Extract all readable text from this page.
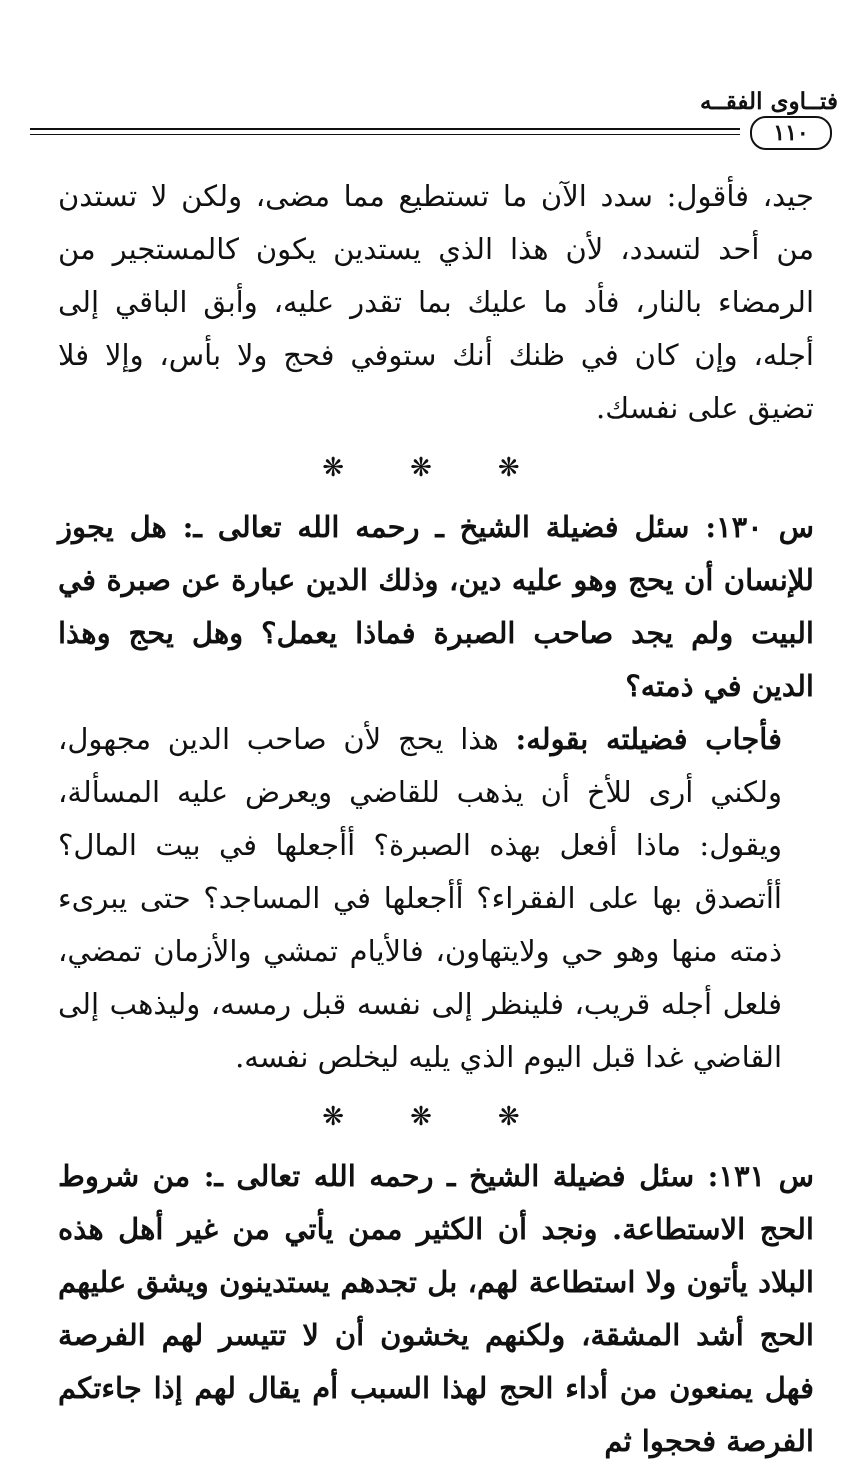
فتــاوى الفقــه
١١٠

جيد، فأقول: سدد الآن ما تستطيع مما مضى، ولكن لا تستدن من أحد لتسدد، لأن هذا الذي يستدين يكون كالمستجير من الرمضاء بالنار، فأد ما عليك بما تقدر عليه، وأبق الباقي إلى أجله، وإن كان في ظنك أنك ستوفي فحج ولا بأس، وإلا فلا تضيق على نفسك.

❋ ❋ ❋

س ١٣٠: سئل فضيلة الشيخ ـ رحمه الله تعالى ـ: هل يجوز للإنسان أن يحج وهو عليه دين، وذلك الدين عبارة عن صبرة في البيت ولم يجد صاحب الصبرة فماذا يعمل؟ وهل يحج وهذا الدين في ذمته؟

فأجاب فضيلته بقوله: هذا يحج لأن صاحب الدين مجهول، ولكني أرى للأخ أن يذهب للقاضي ويعرض عليه المسألة، ويقول: ماذا أفعل بهذه الصبرة؟ أأجعلها في بيت المال؟ أأتصدق بها على الفقراء؟ أأجعلها في المساجد؟ حتى يبرىء ذمته منها وهو حي ولايتهاون، فالأيام تمشي والأزمان تمضي، فلعل أجله قريب، فلينظر إلى نفسه قبل رمسه، وليذهب إلى القاضي غدا قبل اليوم الذي يليه ليخلص نفسه.

❋ ❋ ❋

س ١٣١: سئل فضيلة الشيخ ـ رحمه الله تعالى ـ: من شروط الحج الاستطاعة. ونجد أن الكثير ممن يأتي من غير أهل هذه البلاد يأتون ولا استطاعة لهم، بل تجدهم يستدينون ويشق عليهم الحج أشد المشقة، ولكنهم يخشون أن لا تتيسر لهم الفرصة فهل يمنعون من أداء الحج لهذا السبب أم يقال لهم إذا جاءتكم الفرصة فحجوا ثم
